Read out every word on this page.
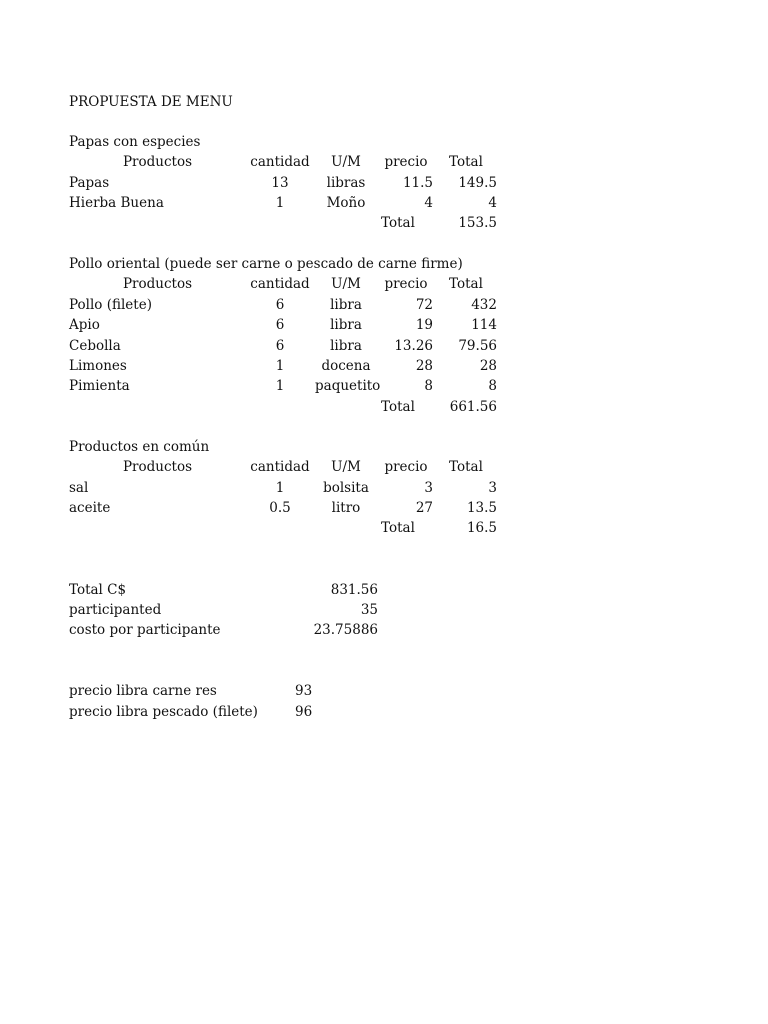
PROPUESTA DE MENU
Papas con especies
Productos	cantidad	U/M	precio	Total
Papas	13	libras	11.5	149.5
Hierba Buena	1	Moño	4	4
Total	153.5
Pollo oriental (puede ser carne o pescado de carne firme)
Productos	cantidad	U/M	precio	Total
Pollo (filete)	6	libra	72	432
Apio	6	libra	19	114
Cebolla	6	libra	13.26	79.56
Limones	1	docena	28	28
Pimienta	1	paquetito	8	8
Total	661.56
Productos en común
Productos	cantidad	U/M	precio	Total
sal	1	bolsita	3	3
aceite	0.5	litro	27	13.5
Total	16.5
Total C$	831.56
participanted	35
costo por participante	23.75886
precio libra carne res	93
precio libra pescado (filete)	96
